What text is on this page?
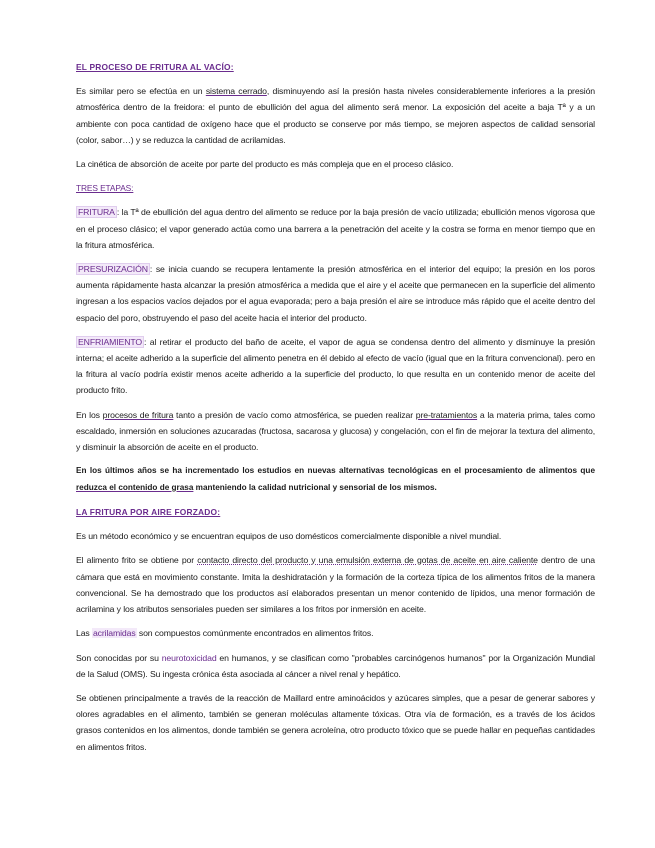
EL PROCESO DE FRITURA AL VACÍO:

Es similar pero se efectúa en un sistema cerrado, disminuyendo así la presión hasta niveles considerablemente inferiores a la presión atmosférica dentro de la freidora: el punto de ebullición del agua del alimento será menor. La exposición del aceite a baja Tª y a un ambiente con poca cantidad de oxígeno hace que el producto se conserve por más tiempo, se mejoren aspectos de calidad sensorial (color, sabor…) y se reduzca la cantidad de acrilamidas.

La cinética de absorción de aceite por parte del producto es más compleja que en el proceso clásico.

TRES ETAPAS:

FRITURA : la Tª de ebullición del agua dentro del alimento se reduce por la baja presión de vacío utilizada; ebullición menos vigorosa que en el proceso clásico; el vapor generado actúa como una barrera a la penetración del aceite y la costra se forma en menor tiempo que en la fritura atmosférica.

PRESURIZACIÓN : se inicia cuando se recupera lentamente la presión atmosférica en el interior del equipo; la presión en los poros aumenta rápidamente hasta alcanzar la presión atmosférica a medida que el aire y el aceite que permanecen en la superficie del alimento ingresan a los espacios vacíos dejados por el agua evaporada; pero a baja presión el aire se introduce más rápido que el aceite dentro del espacio del poro, obstruyendo el paso del aceite hacia el interior del producto.

ENFRIAMIENTO : al retirar el producto del baño de aceite, el vapor de agua se condensa dentro del alimento y disminuye la presión interna; el aceite adherido a la superficie del alimento penetra en él debido al efecto de vacío (igual que en la fritura convencional). pero en la fritura al vacío podría existir menos aceite adherido a la superficie del producto, lo que resulta en un contenido menor de aceite del producto frito.

En los procesos de fritura tanto a presión de vacío como atmosférica, se pueden realizar pre-tratamientos a la materia prima, tales como escaldado, inmersión en soluciones azucaradas (fructosa, sacarosa y glucosa) y congelación, con el fin de mejorar la textura del alimento, y disminuir la absorción de aceite en el producto.

En los últimos años se ha incrementado los estudios en nuevas alternativas tecnológicas en el procesamiento de alimentos que reduzca el contenido de grasa manteniendo la calidad nutricional y sensorial de los mismos.

LA FRITURA POR AIRE FORZADO:

Es un método económico y se encuentran equipos de uso domésticos comercialmente disponible a nivel mundial.

El alimento frito se obtiene por contacto directo del producto y una emulsión externa de gotas de aceite en aire caliente dentro de una cámara que está en movimiento constante. Imita la deshidratación y la formación de la corteza típica de los alimentos fritos de la manera convencional. Se ha demostrado que los productos así elaborados presentan un menor contenido de lípidos, una menor formación de acrilamina y los atributos sensoriales pueden ser similares a los fritos por inmersión en aceite.

Las acrilamidas son compuestos comúnmente encontrados en alimentos fritos.

Son conocidas por su neurotoxicidad en humanos, y se clasifican como "probables carcinógenos humanos" por la Organización Mundial de la Salud (OMS). Su ingesta crónica ésta asociada al cáncer a nivel renal y hepático.

Se obtienen principalmente a través de la reacción de Maillard entre aminoácidos y azúcares simples, que a pesar de generar sabores y olores agradables en el alimento, también se generan moléculas altamente tóxicas. Otra vía de formación, es a través de los ácidos grasos contenidos en los alimentos, donde también se genera acroleína, otro producto tóxico que se puede hallar en pequeñas cantidades en alimentos fritos.
